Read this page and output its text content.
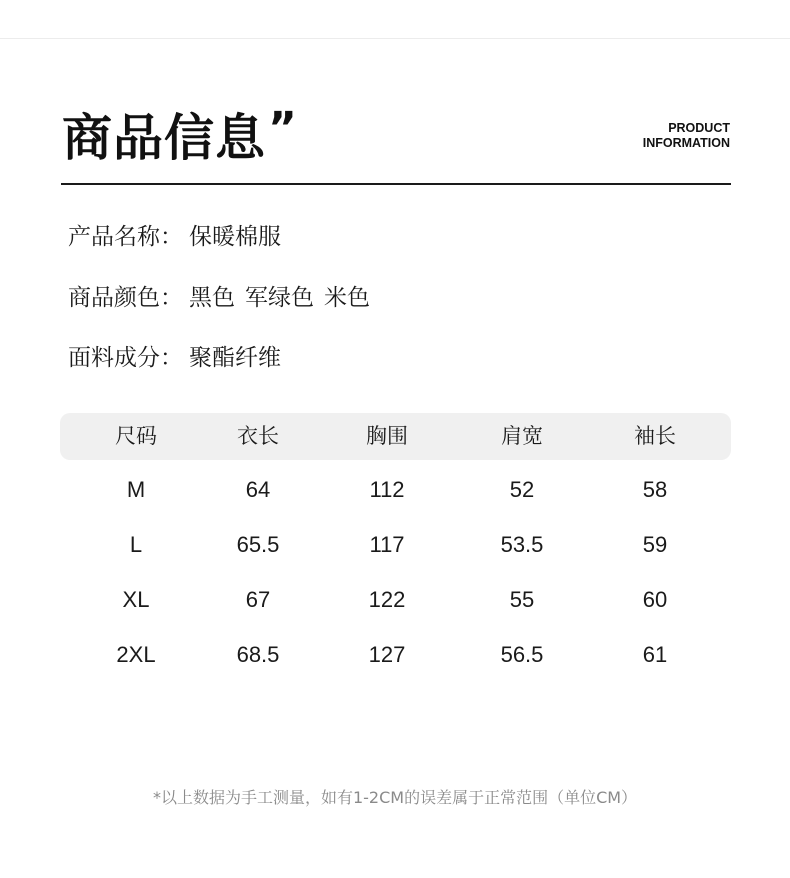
商品信息 ”	PRODUCT
INFORMATION
产品名称： 保暖棉服
商品颜色： 黑色 军绿色 米色
面料成分： 聚酯纤维
尺码	衣长	胸围	肩宽	袖长
M	64	112	52	58
L	65.5	117	53.5	59
XL	67	122	55	60
2XL	68.5	127	56.5	61
*以上数据为手工测量，如有1-2CM的误差属于正常范围（单位CM）
